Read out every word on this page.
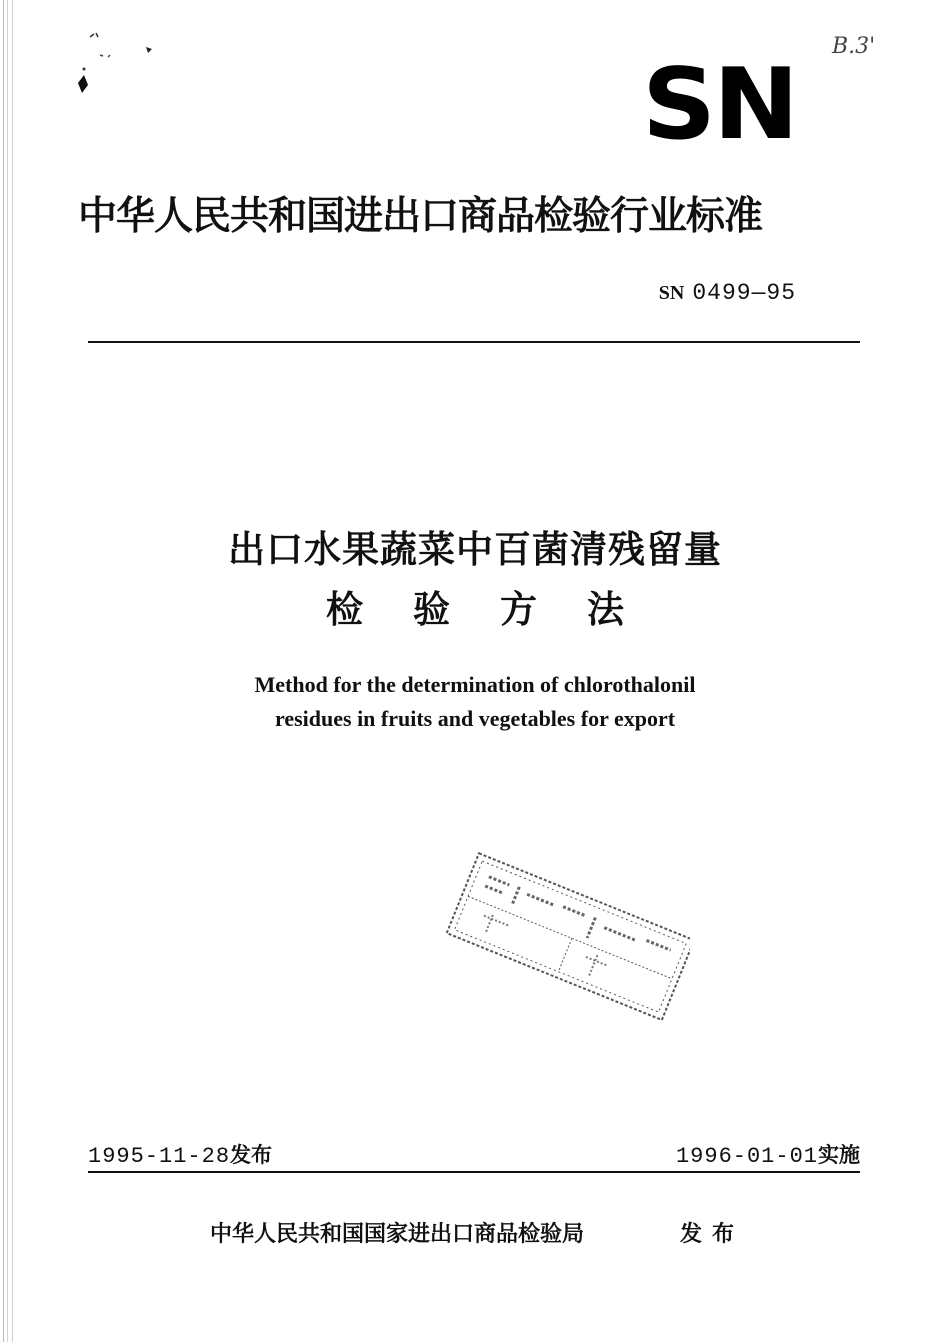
B.3'
SN
中华人民共和国进出口商品检验行业标准
SN 0499—95
出口水果蔬菜中百菌清残留量
检验方法
Method for the determination of chlorothalonil
residues in fruits and vegetables for export
1995-11-28发布	1996-01-01实施
中华人民共和国国家进出口商品检验局	发布
